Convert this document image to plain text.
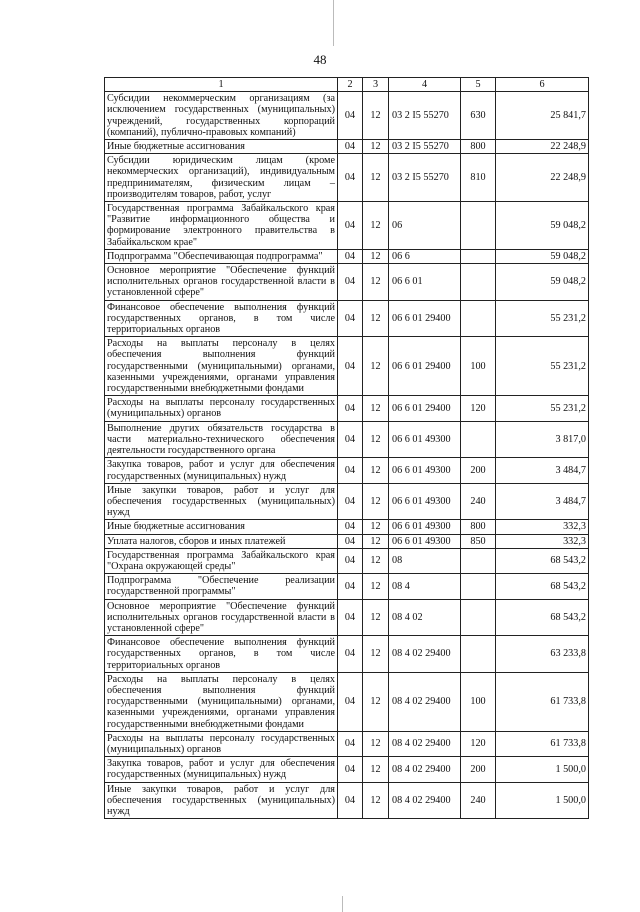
48
1	2	3	4	5	6
Субсидии некоммерческим организациям (за исключением государственных (муниципальных) учреждений, государственных корпораций (компаний), публично-правовых компаний)	04	12	03 2 I5 55270	630	25 841,7
Иные бюджетные ассигнования	04	12	03 2 I5 55270	800	22 248,9
Субсидии юридическим лицам (кроме некоммерческих организаций), индивидуальным предпринимателям, физическим лицам – производителям товаров, работ, услуг	04	12	03 2 I5 55270	810	22 248,9
Государственная программа Забайкальского края "Развитие информационного общества и формирование электронного правительства в Забайкальском крае"	04	12	06		59 048,2
Подпрограмма "Обеспечивающая подпрограмма"	04	12	06 6		59 048,2
Основное мероприятие "Обеспечение функций исполнительных органов государственной власти в установленной сфере"	04	12	06 6 01		59 048,2
Финансовое обеспечение выполнения функций государственных органов, в том числе территориальных органов	04	12	06 6 01 29400		55 231,2
Расходы на выплаты персоналу в целях обеспечения выполнения функций государственными (муниципальными) органами, казенными учреждениями, органами управления государственными внебюджетными фондами	04	12	06 6 01 29400	100	55 231,2
Расходы на выплаты персоналу государственных (муниципальных) органов	04	12	06 6 01 29400	120	55 231,2
Выполнение других обязательств государства в части материально-технического обеспечения деятельности государственного органа	04	12	06 6 01 49300		3 817,0
Закупка товаров, работ и услуг для обеспечения государственных (муниципальных) нужд	04	12	06 6 01 49300	200	3 484,7
Иные закупки товаров, работ и услуг для обеспечения государственных (муниципальных) нужд	04	12	06 6 01 49300	240	3 484,7
Иные бюджетные ассигнования	04	12	06 6 01 49300	800	332,3
Уплата налогов, сборов и иных платежей	04	12	06 6 01 49300	850	332,3
Государственная программа Забайкальского края "Охрана окружающей среды"	04	12	08		68 543,2
Подпрограмма "Обеспечение реализации государственной программы"	04	12	08 4		68 543,2
Основное мероприятие "Обеспечение функций исполнительных органов государственной власти в установленной сфере"	04	12	08 4 02		68 543,2
Финансовое обеспечение выполнения функций государственных органов, в том числе территориальных органов	04	12	08 4 02 29400		63 233,8
Расходы на выплаты персоналу в целях обеспечения выполнения функций государственными (муниципальными) органами, казенными учреждениями, органами управления государственными внебюджетными фондами	04	12	08 4 02 29400	100	61 733,8
Расходы на выплаты персоналу государственных (муниципальных) органов	04	12	08 4 02 29400	120	61 733,8
Закупка товаров, работ и услуг для обеспечения государственных (муниципальных) нужд	04	12	08 4 02 29400	200	1 500,0
Иные закупки товаров, работ и услуг для обеспечения государственных (муниципальных) нужд	04	12	08 4 02 29400	240	1 500,0
